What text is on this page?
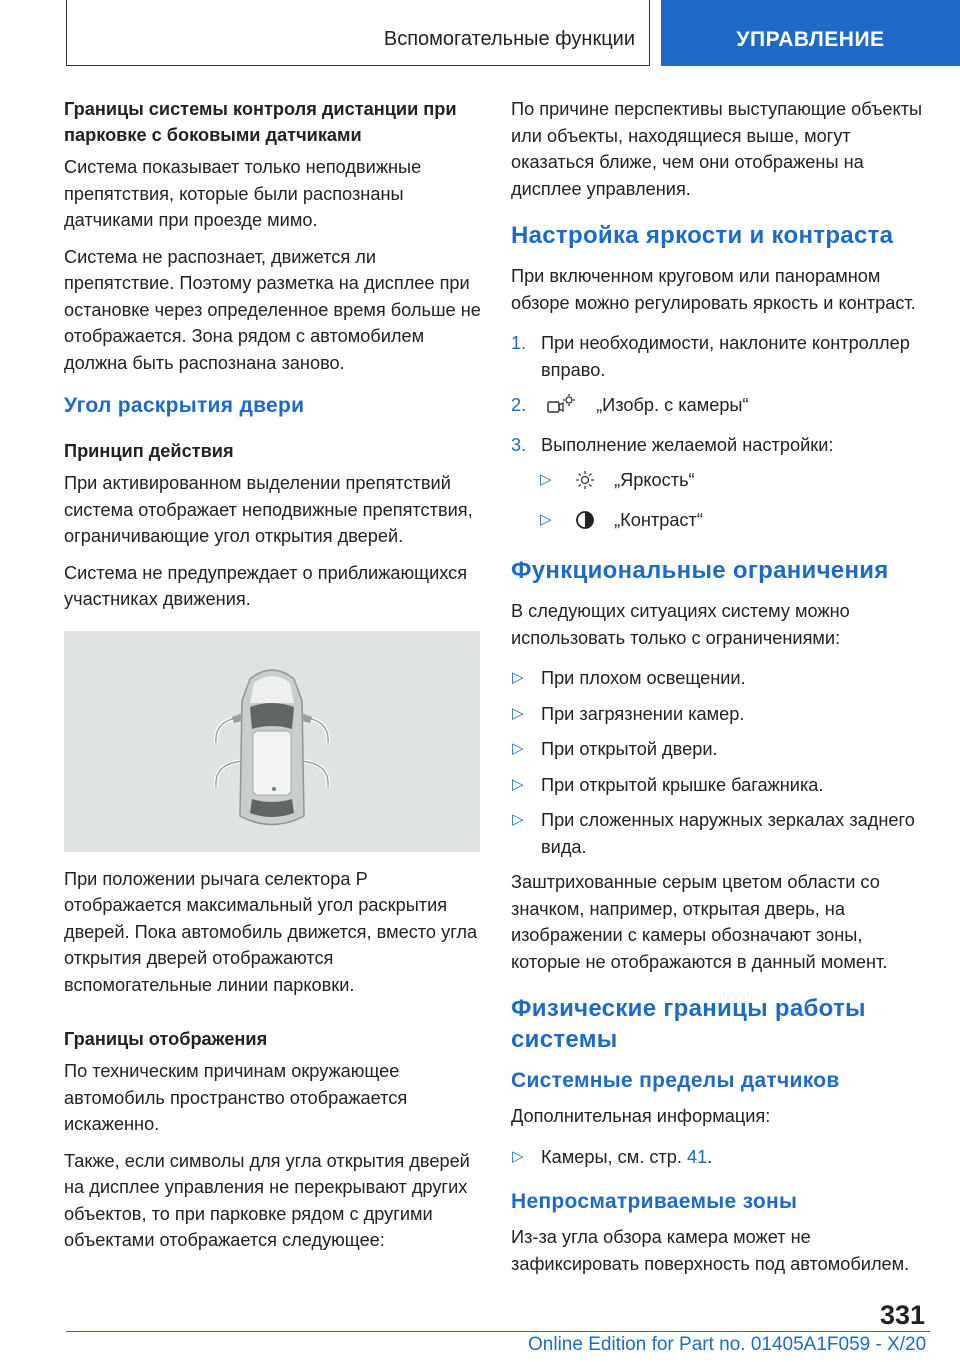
Вспомогательные функции	УПРАВЛЕНИЕ
Границы системы контроля дистанции при парковке с боковыми датчиками

Система показывает только неподвижные препятствия, которые были распознаны датчиками при проезде мимо.

Система не распознает, движется ли препятствие. Поэтому разметка на дисплее при остановке через определенное время больше не отображается. Зона рядом с автомобилем должна быть распознана заново.

Угол раскрытия двери
Принцип действия

При активированном выделении препятствий система отображает неподвижные препятствия, ограничивающие угол открытия дверей.

Система не предупреждает о приближающихся участниках движения.

При положении рычага селектора P отображается максимальный угол раскрытия дверей. Пока автомобиль движется, вместо угла открытия дверей отображаются вспомогательные линии парковки.

Границы отображения

По техническим причинам окружающее автомобиль пространство отображается искаженно.

Также, если символы для угла открытия дверей на дисплее управления не перекрывают других объектов, то при парковке рядом с другими объектами отображается следующее:

По причине перспективы выступающие объекты или объекты, находящиеся выше, могут оказаться ближе, чем они отображены на дисплее управления.

Настройка яркости и контраста

При включенном круговом или панорамном обзоре можно регулировать яркость и контраст.

1. При необходимости, наклоните контроллер вправо.
2.	„Изобр. с камеры“
3. Выполнение желаемой настройки:
▷	„Яркость“
▷	„Контраст“
Функциональные ограничения

В следующих ситуациях систему можно использовать только с ограничениями:

▷ При плохом освещении.
▷ При загрязнении камер.
▷ При открытой двери.
▷ При открытой крышке багажника.
▷ При сложенных наружных зеркалах заднего вида.

Заштрихованные серым цветом области со значком, например, открытая дверь, на изображении с камеры обозначают зоны, которые не отображаются в данный момент.

Физические границы работы системы
Системные пределы датчиков

Дополнительная информация:

▷ Камеры, см. стр. 41.
Непросматриваемые зоны

Из-за угла обзора камера может не зафиксировать поверхность под автомобилем.

331
Online Edition for Part no. 01405A1F059 - X/20
